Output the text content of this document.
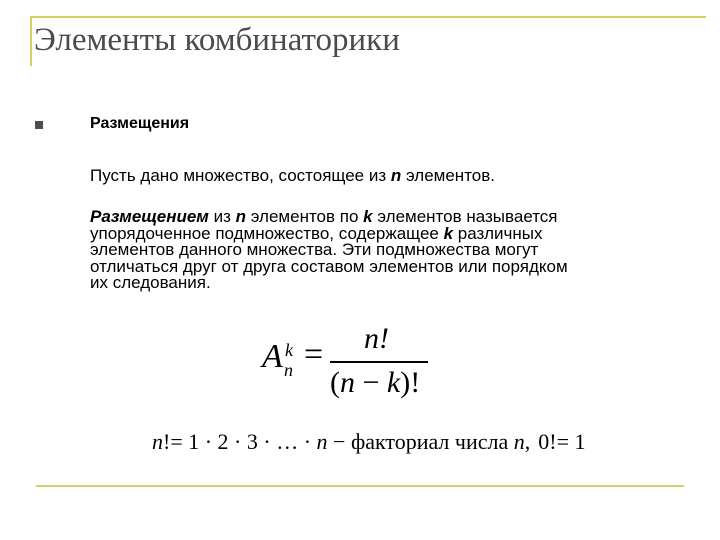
Элементы комбинаторики
Размещения
Пусть дано множество, состоящее из n элементов.
Размещением из n элементов по k элементов называется
упорядоченное подмножество, содержащее k различных
элементов данного множества. Эти подмножества могут
отличаться друг от друга составом элементов или порядком
их следования.
A k
n = n!
(n − k)!
n!= 1 · 2 · 3 · … · n − факториал числа n, 0!= 1
